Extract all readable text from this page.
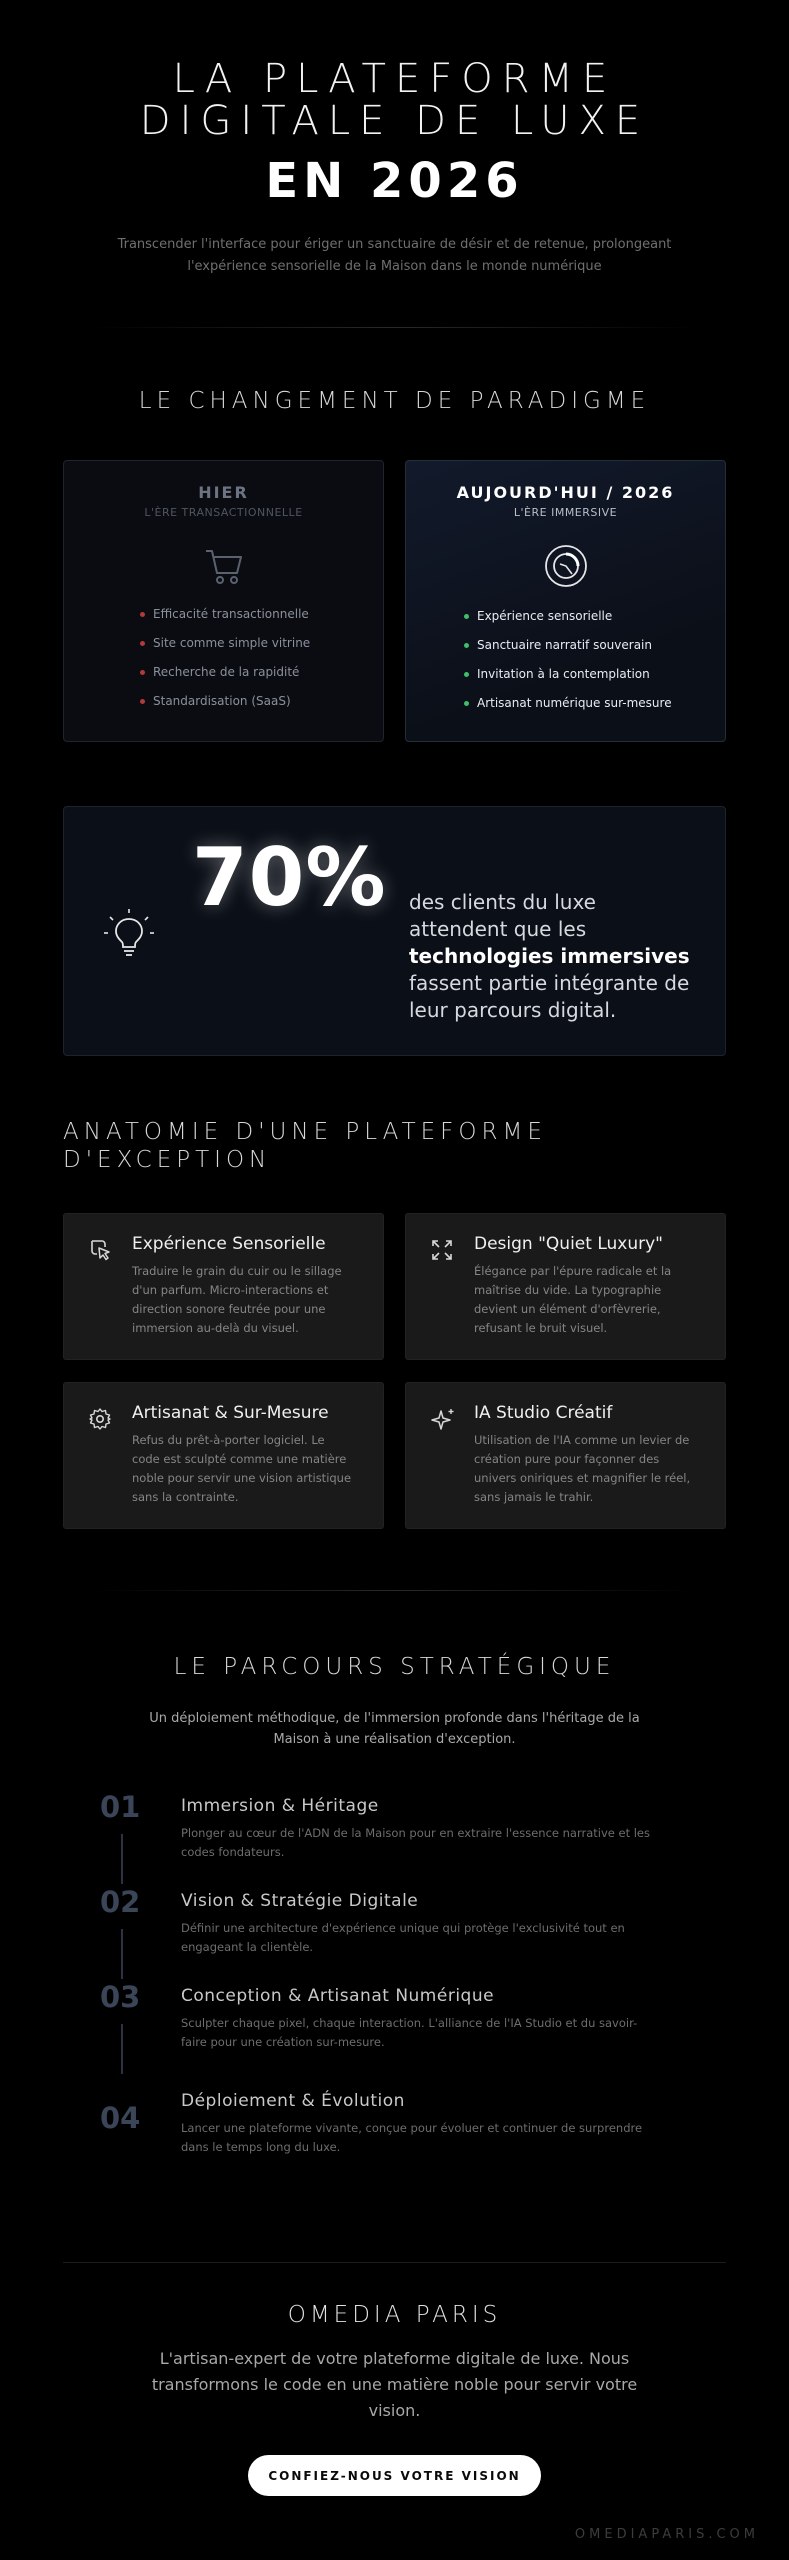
LA PLATEFORME
DIGITALE DE LUXE
EN 2026
Transcender l'interface pour ériger un sanctuaire de désir et de retenue, prolongeant
l'expérience sensorielle de la Maison dans le monde numérique
LE CHANGEMENT DE PARADIGME
HIER
L'ÈRE TRANSACTIONNELLE
Efficacité transactionnelle
Site comme simple vitrine
Recherche de la rapidité
Standardisation (SaaS)
AUJOURD'HUI / 2026
L'ÈRE IMMERSIVE
Expérience sensorielle
Sanctuaire narratif souverain
Invitation à la contemplation
Artisanat numérique sur-mesure
70% des clients du luxe
attendent que les
technologies immersives
fassent partie intégrante de
leur parcours digital.
ANATOMIE D'UNE PLATEFORME
D'EXCEPTION
Expérience Sensorielle
Traduire le grain du cuir ou le sillage
d'un parfum. Micro-interactions et
direction sonore feutrée pour une
immersion au-delà du visuel.
Design "Quiet Luxury"
Élégance par l'épure radicale et la
maîtrise du vide. La typographie
devient un élément d'orfèvrerie,
refusant le bruit visuel.
Artisanat & Sur-Mesure
Refus du prêt-à-porter logiciel. Le
code est sculpté comme une matière
noble pour servir une vision artistique
sans la contrainte.
IA Studio Créatif
Utilisation de l'IA comme un levier de
création pure pour façonner des
univers oniriques et magnifier le réel,
sans jamais le trahir.
LE PARCOURS STRATÉGIQUE
Un déploiement méthodique, de l'immersion profonde dans l'héritage de la
Maison à une réalisation d'exception.
01 Immersion & Héritage
Plonger au cœur de l'ADN de la Maison pour en extraire l'essence narrative et les
codes fondateurs.
02 Vision & Stratégie Digitale
Définir une architecture d'expérience unique qui protège l'exclusivité tout en
engageant la clientèle.
03 Conception & Artisanat Numérique
Sculpter chaque pixel, chaque interaction. L'alliance de l'IA Studio et du savoir-
faire pour une création sur-mesure.
04 Déploiement & Évolution
Lancer une plateforme vivante, conçue pour évoluer et continuer de surprendre
dans le temps long du luxe.
OMEDIA PARIS
L'artisan-expert de votre plateforme digitale de luxe. Nous
transformons le code en une matière noble pour servir votre
vision.
CONFIEZ-NOUS VOTRE VISION
OMEDIAPARIS.COM
